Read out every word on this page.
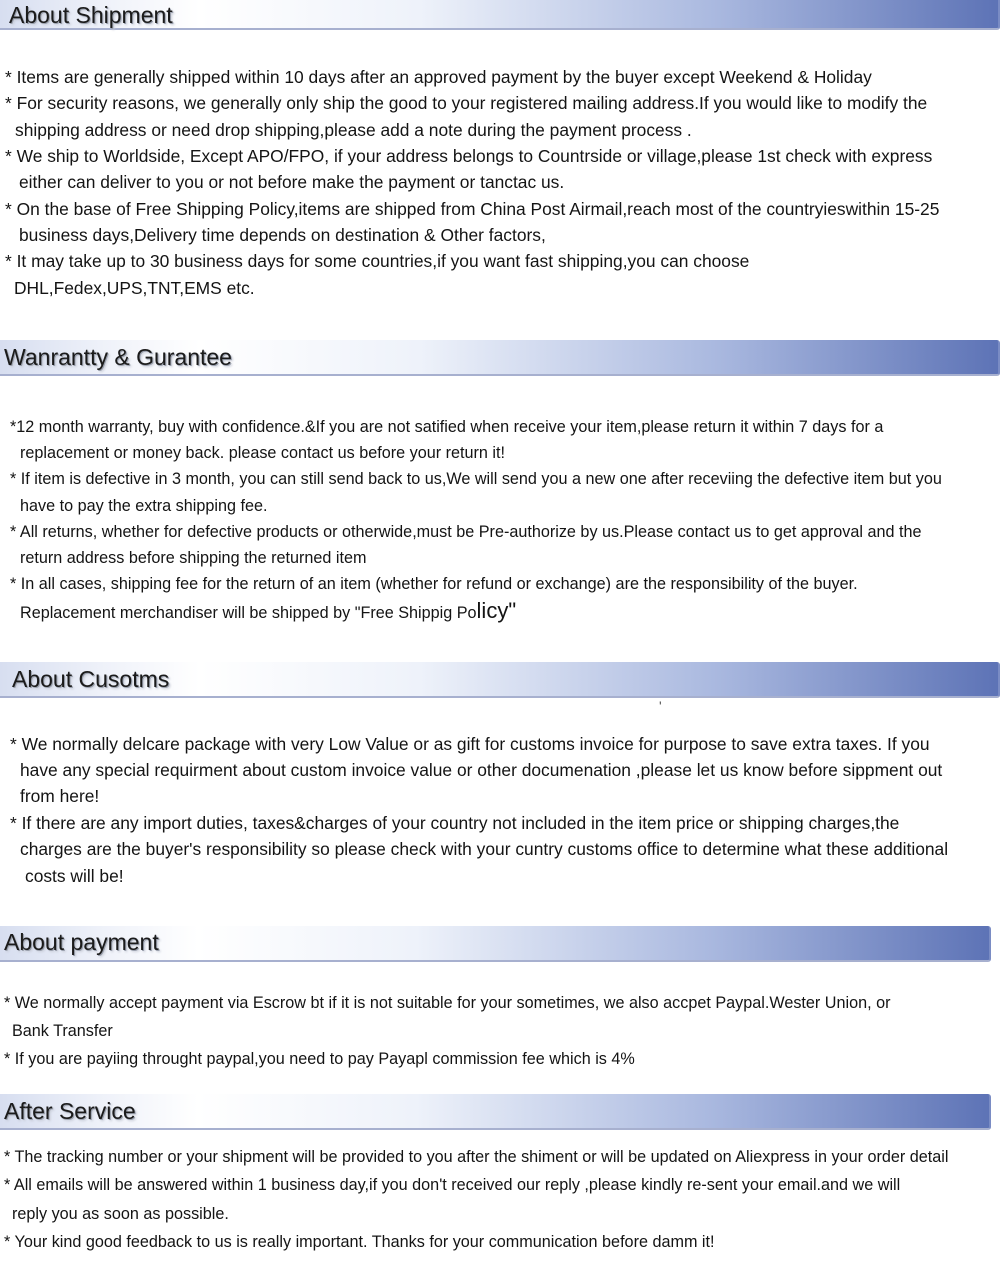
About Shipment
* Items are generally shipped within 10 days after an approved payment by the buyer except Weekend & Holiday
* For security reasons, we generally only ship the good to your registered mailing address.If you would like to modify the
shipping address or need drop shipping,please add a note during the payment process .
* We ship to Worldside, Except APO/FPO, if your address belongs to Countrside or village,please 1st check with express
either can deliver to you or not before make the payment or tanctac us.
* On the base of Free Shipping Policy,items are shipped from China Post Airmail,reach most of the countryieswithin 15-25
business days,Delivery time depends on destination & Other factors,
* It may take up to 30 business days for some countries,if you want fast shipping,you can choose
DHL,Fedex,UPS,TNT,EMS etc.
Wanrantty & Gurantee
*12 month warranty, buy with confidence.&If you are not satified when receive your item,please return it within 7 days for a
replacement or money back. please contact us before your return it!
* If item is defective in 3 month, you can still send back to us,We will send you a new one after receviing the defective item but you
have to pay the extra shipping fee.
* All returns, whether for defective products or otherwide,must be Pre-authorize by us.Please contact us to get approval and the
return address before shipping the returned item
* In all cases, shipping fee for the return of an item (whether for refund or exchange) are the responsibility of the buyer.
Replacement merchandiser will be shipped by "Free Shippig Policy"
About Cusotms
'
* We normally delcare package with very Low Value or as gift for customs invoice for purpose to save extra taxes. If you
have any special requirment about custom invoice value or other documenation ,please let us know before sippment out
from here!
* If there are any import duties, taxes&charges of your country not included in the item price or shipping charges,the
charges are the buyer's responsibility so please check with your cuntry customs office to determine what these additional
costs will be!
About payment
* We normally accept payment via Escrow bt if it is not suitable for your sometimes, we also accpet Paypal.Wester Union, or
Bank Transfer
* If you are payiing throught paypal,you need to pay Payapl commission fee which is 4%
After Service
* The tracking number or your shipment will be provided to you after the shiment or will be updated on Aliexpress in your order detail
* All emails will be answered within 1 business day,if you don't received our reply ,please kindly re-sent your email.and we will
reply you as soon as possible.
* Your kind good feedback to us is really important. Thanks for your communication before damm it!
